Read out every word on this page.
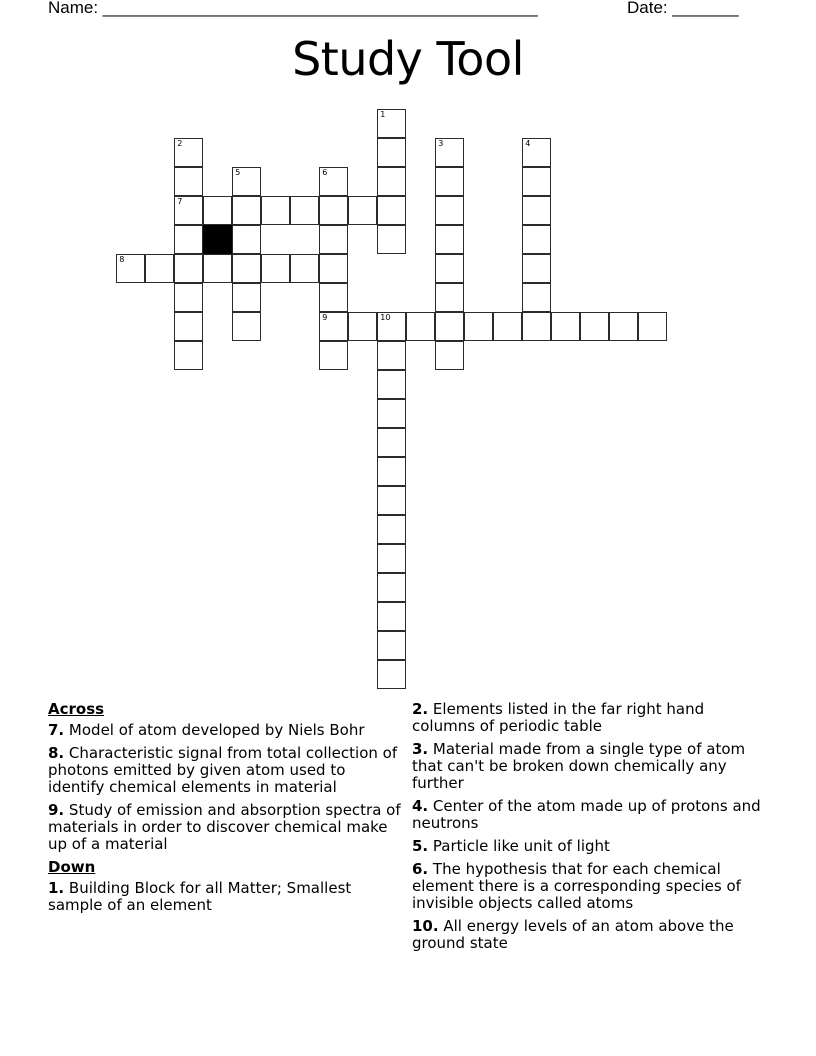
Name: ______________________________________________	Date: _______
Study Tool
1
2
7
3	4
5	6
9
8
10
Across
7. Model of atom developed by Niels Bohr
8. Characteristic signal from total collection of photons emitted by given atom used to identify chemical elements in material
9. Study of emission and absorption spectra of materials in order to discover chemical make up of a material
Down
1. Building Block for all Matter; Smallest sample of an element
2. Elements listed in the far right hand columns of periodic table
3. Material made from a single type of atom that can't be broken down chemically any further
4. Center of the atom made up of protons and neutrons
5. Particle like unit of light
6. The hypothesis that for each chemical element there is a corresponding species of invisible objects called atoms
10. All energy levels of an atom above the ground state
